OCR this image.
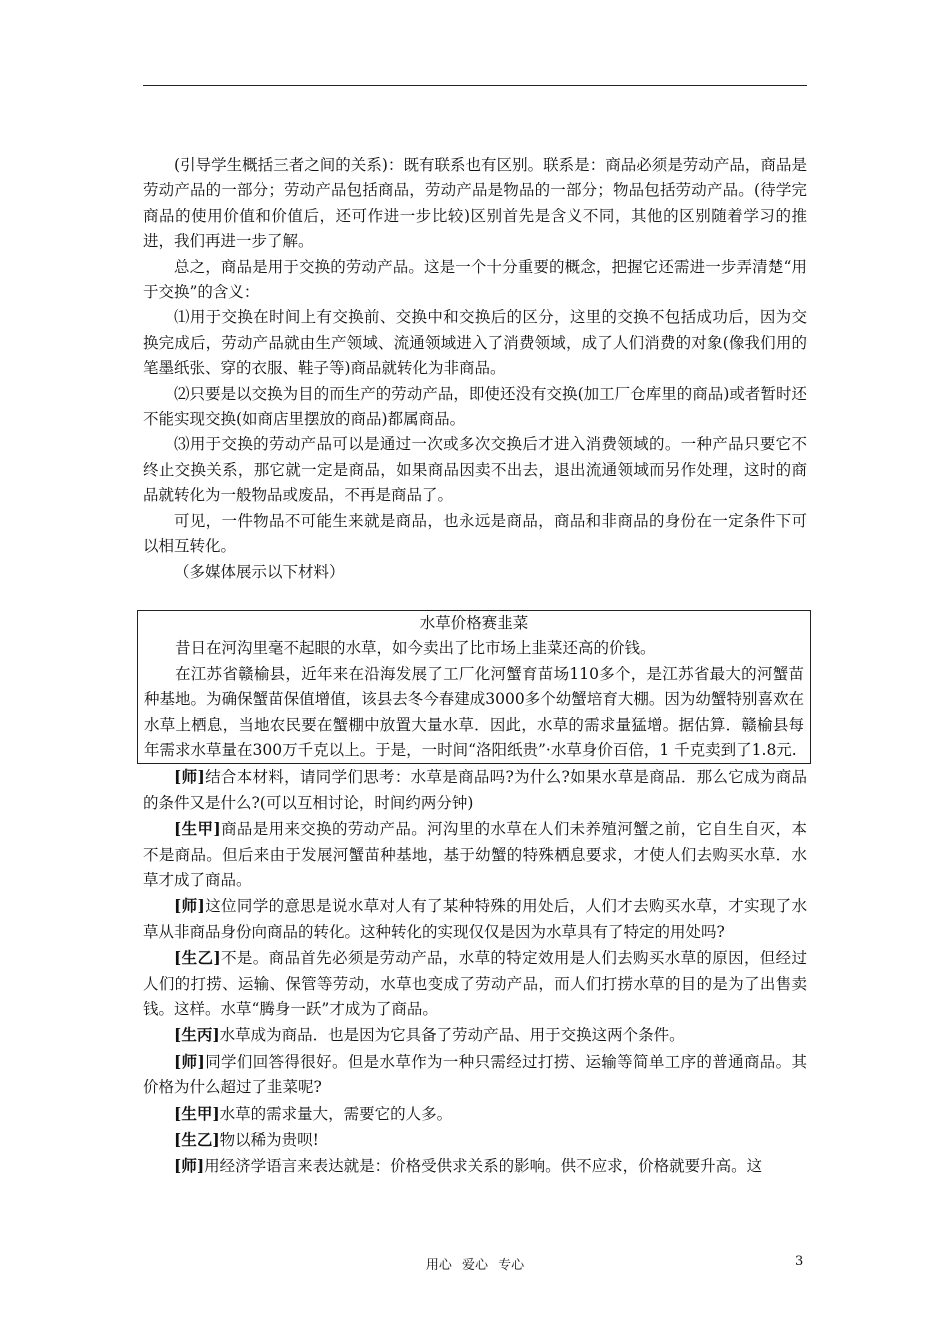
(引导学生概括三者之间的关系)：既有联系也有区别。联系是：商品必须是劳动产品，商品是劳动产品的一部分；劳动产品包括商品，劳动产品是物品的一部分；物品包括劳动产品。(待学完商品的使用价值和价值后，还可作进一步比较)区别首先是含义不同，其他的区别随着学习的推进，我们再进一步了解。

总之，商品是用于交换的劳动产品。这是一个十分重要的概念，把握它还需进一步弄清楚“用于交换”的含义：

⑴用于交换在时间上有交换前、交换中和交换后的区分，这里的交换不包括成功后，因为交换完成后，劳动产品就由生产领域、流通领域进入了消费领域，成了人们消费的对象(像我们用的笔墨纸张、穿的衣服、鞋子等)商品就转化为非商品。

⑵只要是以交换为目的而生产的劳动产品，即使还没有交换(加工厂仓库里的商品)或者暂时还不能实现交换(如商店里摆放的商品)都属商品。

⑶用于交换的劳动产品可以是通过一次或多次交换后才进入消费领域的。一种产品只要它不终止交换关系，那它就一定是商品，如果商品因卖不出去，退出流通领域而另作处理，这时的商品就转化为一般物品或废品，不再是商品了。

可见，一件物品不可能生来就是商品，也永远是商品，商品和非商品的身份在一定条件下可以相互转化。

（多媒体展示以下材料）

水草价格赛韭菜

昔日在河沟里毫不起眼的水草，如今卖出了比市场上韭菜还高的价钱。

在江苏省赣榆县，近年来在沿海发展了工厂化河蟹育苗场110多个，是江苏省最大的河蟹苗种基地。为确保蟹苗保值增值，该县去冬今春建成3000多个幼蟹培育大棚。因为幼蟹特别喜欢在水草上栖息，当地农民要在蟹棚中放置大量水草．因此，水草的需求量猛增。据估算．赣榆县每年需求水草量在300万千克以上。于是，一时间“洛阳纸贵”·水草身价百倍，1 千克卖到了1.8元.

[师]结合本材料，请同学们思考：水草是商品吗?为什么?如果水草是商品．那么它成为商品的条件又是什么?(可以互相讨论，时间约两分钟)

[生甲]商品是用来交换的劳动产品。河沟里的水草在人们未养殖河蟹之前，它自生自灭，本不是商品。但后来由于发展河蟹苗种基地，基于幼蟹的特殊栖息要求，才使人们去购买水草．水草才成了商品。

[师]这位同学的意思是说水草对人有了某种特殊的用处后，人们才去购买水草，才实现了水草从非商品身份向商品的转化。这种转化的实现仅仅是因为水草具有了特定的用处吗?

[生乙]不是。商品首先必须是劳动产品，水草的特定效用是人们去购买水草的原因，但经过人们的打捞、运输、保管等劳动，水草也变成了劳动产品，而人们打捞水草的目的是为了出售卖钱。这样。水草“腾身一跃”才成为了商品。

[生丙]水草成为商品．也是因为它具备了劳动产品、用于交换这两个条件。

[师]同学们回答得很好。但是水草作为一种只需经过打捞、运输等简单工序的普通商品。其价格为什么超过了韭菜呢?

[生甲]水草的需求量大，需要它的人多。

[生乙]物以稀为贵呗!

[师]用经济学语言来表达就是：价格受供求关系的影响。供不应求，价格就要升高。这

用心 爱心 专心	3
